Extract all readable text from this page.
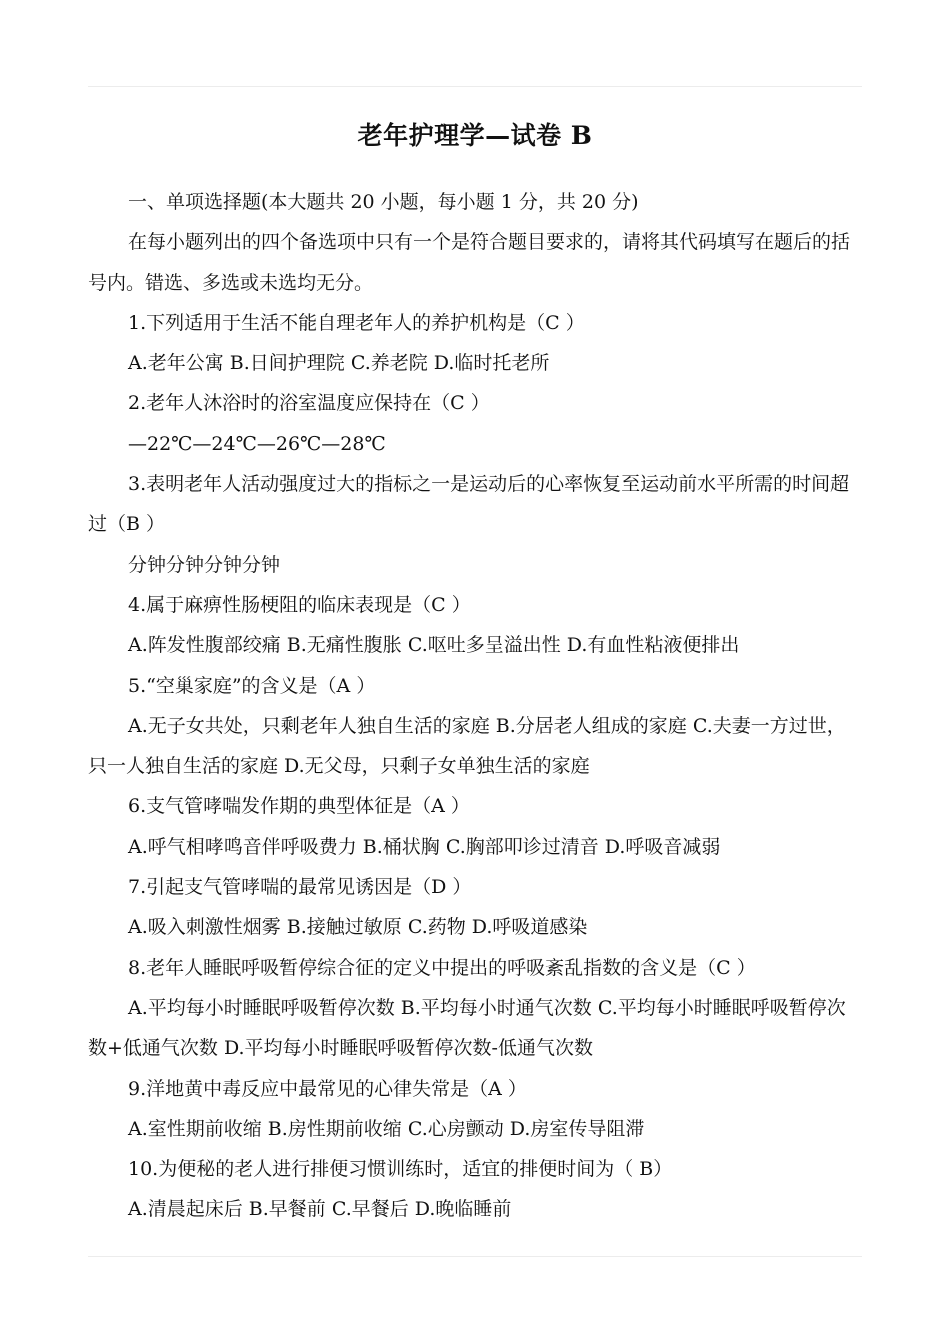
老年护理学—试卷 B

一、单项选择题(本大题共 20 小题，每小题 1 分，共 20 分)

在每小题列出的四个备选项中只有一个是符合题目要求的，请将其代码填写在题后的括号内。错选、多选或未选均无分。

1.下列适用于生活不能自理老年人的养护机构是（C ）

A.老年公寓 B.日间护理院 C.养老院 D.临时托老所

2.老年人沐浴时的浴室温度应保持在（C ）

—22℃—24℃—26℃—28℃

3.表明老年人活动强度过大的指标之一是运动后的心率恢复至运动前水平所需的时间超过（B ）

分钟分钟分钟分钟

4.属于麻痹性肠梗阻的临床表现是（C ）

A.阵发性腹部绞痛 B.无痛性腹胀 C.呕吐多呈溢出性 D.有血性粘液便排出

5.“空巢家庭”的含义是（A ）

A.无子女共处，只剩老年人独自生活的家庭 B.分居老人组成的家庭 C.夫妻一方过世，只一人独自生活的家庭 D.无父母，只剩子女单独生活的家庭

6.支气管哮喘发作期的典型体征是（A ）

A.呼气相哮鸣音伴呼吸费力 B.桶状胸 C.胸部叩诊过清音 D.呼吸音减弱

7.引起支气管哮喘的最常见诱因是（D ）

A.吸入刺激性烟雾 B.接触过敏原 C.药物 D.呼吸道感染

8.老年人睡眠呼吸暂停综合征的定义中提出的呼吸紊乱指数的含义是（C ）

A.平均每小时睡眠呼吸暂停次数 B.平均每小时通气次数 C.平均每小时睡眠呼吸暂停次数+低通气次数 D.平均每小时睡眠呼吸暂停次数-低通气次数

9.洋地黄中毒反应中最常见的心律失常是（A ）

A.室性期前收缩 B.房性期前收缩 C.心房颤动 D.房室传导阻滞

10.为便秘的老人进行排便习惯训练时，适宜的排便时间为（ B）

A.清晨起床后 B.早餐前 C.早餐后 D.晚临睡前
